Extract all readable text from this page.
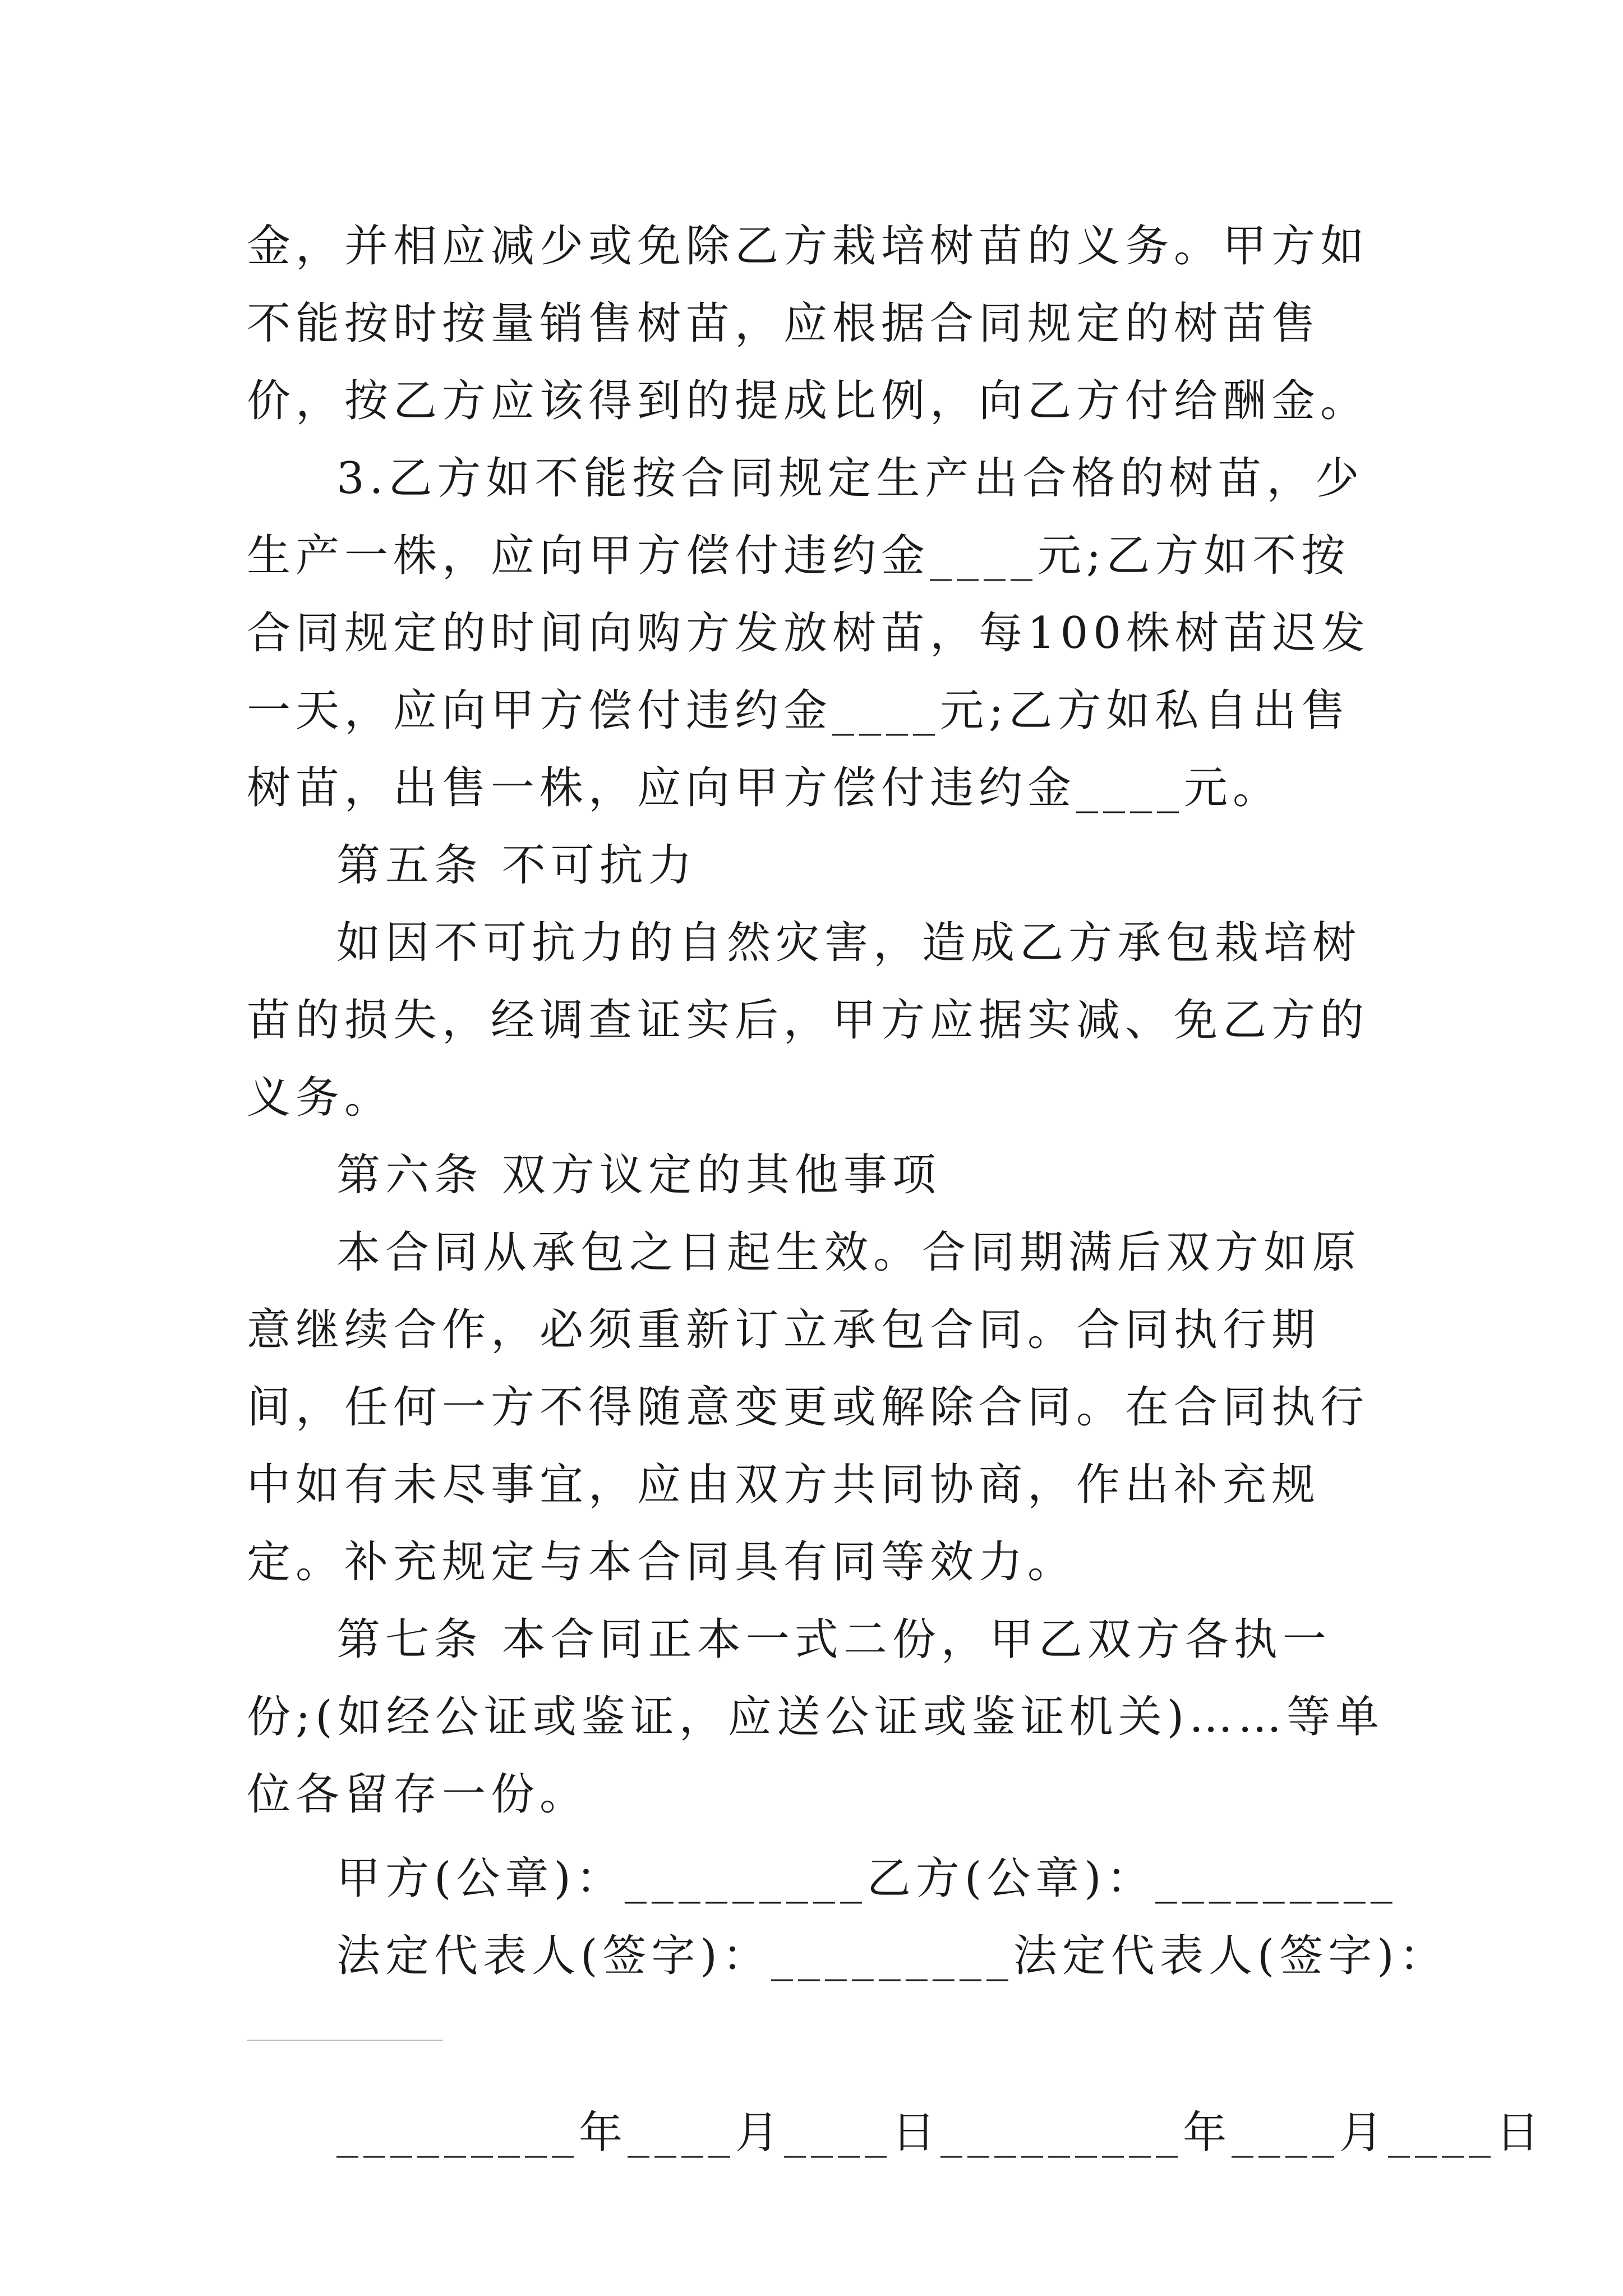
金，并相应减少或免除乙方栽培树苗的义务。甲方如不能按时按量销售树苗，应根据合同规定的树苗售价，按乙方应该得到的提成比例，向乙方付给酬金。

3.乙方如不能按合同规定生产出合格的树苗，少生产一株，应向甲方偿付违约金____元;乙方如不按合同规定的时间向购方发放树苗，每100株树苗迟发一天，应向甲方偿付违约金____元;乙方如私自出售树苗，出售一株，应向甲方偿付违约金____元。

第五条 不可抗力

如因不可抗力的自然灾害，造成乙方承包栽培树苗的损失，经调查证实后，甲方应据实减、免乙方的义务。

第六条 双方议定的其他事项

本合同从承包之日起生效。合同期满后双方如原意继续合作，必须重新订立承包合同。合同执行期间，任何一方不得随意变更或解除合同。在合同执行中如有未尽事宜，应由双方共同协商，作出补充规定。补充规定与本合同具有同等效力。

第七条 本合同正本一式二份，甲乙双方各执一份;(如经公证或鉴证，应送公证或鉴证机关)……等单位各留存一份。

甲方(公章)：_________乙方(公章)：_________

法定代表人(签字)：_________法定代表人(签字)：

_________年____月____日_________年____月____日
